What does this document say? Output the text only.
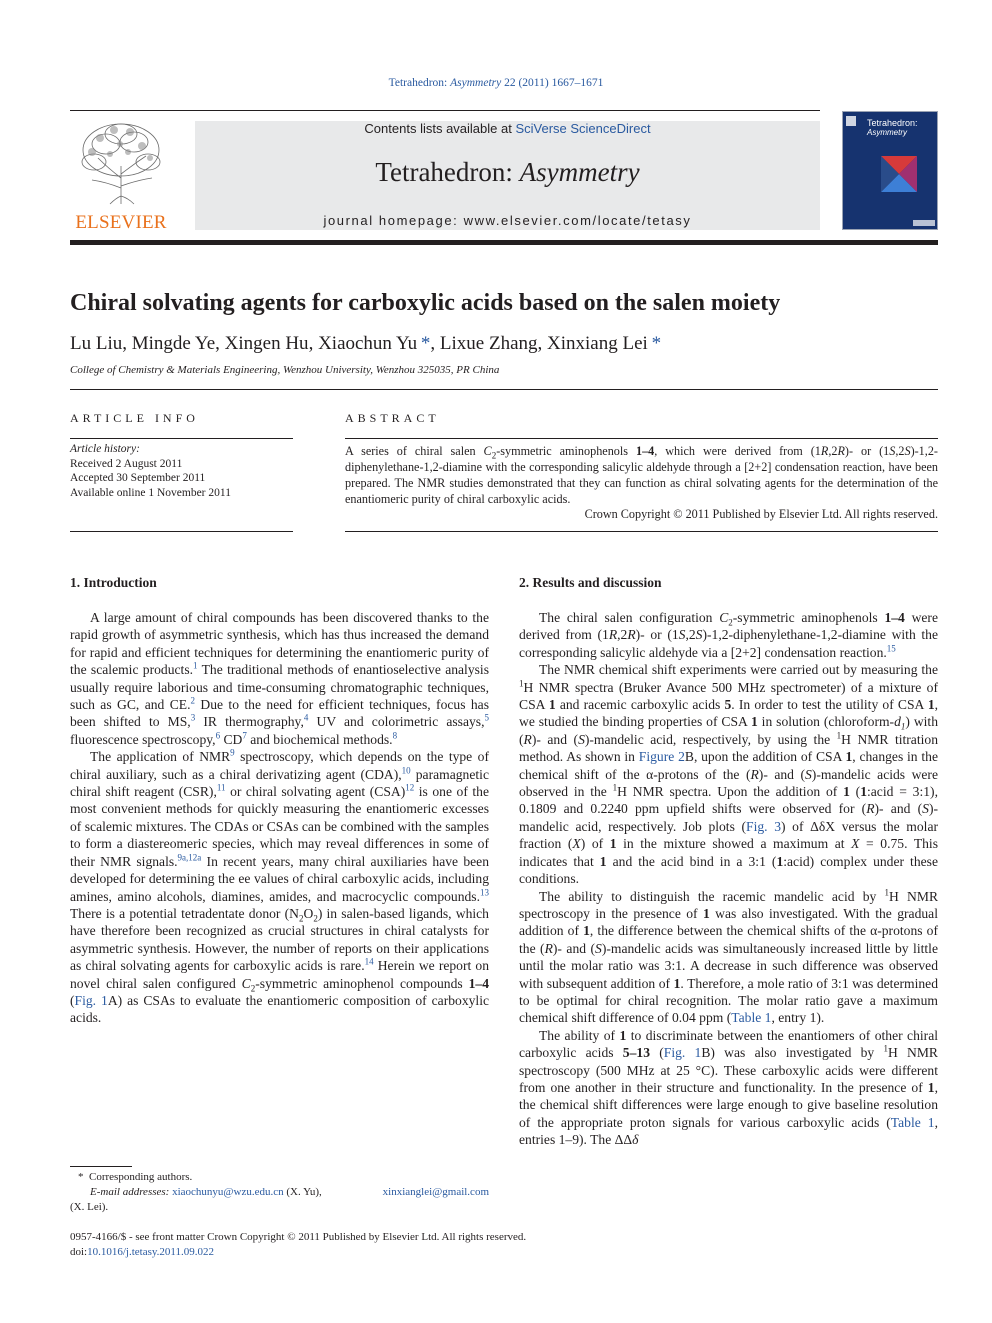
Tetrahedron: Asymmetry 22 (2011) 1667–1671
ELSEVIER
Contents lists available at SciVerse ScienceDirect
Tetrahedron: Asymmetry
journal homepage: www.elsevier.com/locate/tetasy
Tetrahedron:
Asymmetry
Chiral solvating agents for carboxylic acids based on the salen moiety
Lu Liu, Mingde Ye, Xingen Hu, Xiaochun Yu *, Lixue Zhang, Xinxiang Lei *
College of Chemistry & Materials Engineering, Wenzhou University, Wenzhou 325035, PR China
ARTICLE INFO	ABSTRACT
Article history:
Received 2 August 2011
Accepted 30 September 2011
Available online 1 November 2011
A series of chiral salen $C_2$-symmetric aminophenols 1–4, which were derived from (1R,2R)- or (1S,2S)-1,2-diphenylethane-1,2-diamine with the corresponding salicylic aldehyde through a [2+2] condensation reaction, have been prepared. The NMR studies demonstrated that they can function as chiral solvating agents for the determination of the enantiomeric purity of chiral carboxylic acids.
Crown Copyright © 2011 Published by Elsevier Ltd. All rights reserved.
1. Introduction	2. Results and discussion

A large amount of chiral compounds has been discovered thanks to the rapid growth of asymmetric synthesis, which has thus increased the demand for rapid and efficient techniques for determining the enantiomeric purity of the scalemic products.$^1$ The traditional methods of enantioselective analysis usually require laborious and time-consuming chromatographic techniques, such as GC, and CE.$^2$ Due to the need for efficient techniques, focus has been shifted to MS,$^3$ IR thermography,$^4$ UV and colorimetric assays,$^5$ fluorescence spectroscopy,$^6$ $CD^7$ and biochemical methods.$^8$

The application of NMR$^9$ spectroscopy, which depends on the type of chiral auxiliary, such as a chiral derivatizing agent (CDA),$^{10}$ paramagnetic chiral shift reagent (CSR),$^{11}$ or chiral solvating agent (CSA)$^{12}$ is one of the most convenient methods for quickly measuring the enantiomeric excesses of scalemic mixtures. The CDAs or CSAs can be combined with the samples to form a diastereomeric species, which may reveal differences in some of their NMR signals.$^{9a,12a}$ In recent years, many chiral auxiliaries have been developed for determining the ee values of chiral carboxylic acids, including amines, amino alcohols, diamines, amides, and macrocyclic compounds.$^{13}$ There is a potential tetradentate donor $(N_2O_2)$ in salen-based ligands, which have therefore been recognized as crucial structures in chiral catalysts for asymmetric synthesis. However, the number of reports on their applications as chiral solvating agents for carboxylic acids is rare.$^{14}$ Herein we report on novel chiral salen configured $C_2$-symmetric aminophenol compounds 1–4 (Fig. 1A) as CSAs to evaluate the enantiomeric composition of carboxylic acids.

The chiral salen configuration $C_2$-symmetric aminophenols 1–4 were derived from (1R,2R)- or (1S,2S)-1,2-diphenylethane-1,2-diamine with the corresponding salicylic aldehyde via a [2+2] condensation reaction.$^{15}$

The NMR chemical shift experiments were carried out by measuring the $^1$H NMR spectra (Bruker Avance 500 MHz spectrometer) of a mixture of CSA 1 and racemic carboxylic acids 5. In order to test the utility of CSA 1, we studied the binding properties of CSA 1 in solution $(chloroform-d_1)$ with (R)- and (S)-mandelic acid, respectively, by using the $^1$H NMR titration method. As shown in Figure 2B, upon the addition of CSA 1, changes in the chemical shift of the α-protons of the (R)- and (S)-mandelic acids were observed in the $^1$H NMR spectra. Upon the addition of 1 (1:acid = 3:1), 0.1809 and 0.2240 ppm upfield shifts were observed for (R)- and (S)-mandelic acid, respectively. Job plots (Fig. 3) of ΔδX versus the molar fraction (X) of 1 in the mixture showed a maximum at X = 0.75. This indicates that 1 and the acid bind in a 3:1 (1:acid) complex under these conditions.

The ability to distinguish the racemic mandelic acid by $^1$H NMR spectroscopy in the presence of 1 was also investigated. With the gradual addition of 1, the difference between the chemical shifts of the α-protons of the (R)- and (S)-mandelic acids was simultaneously increased little by little until the molar ratio was 3:1. A decrease in such difference was observed with subsequent addition of 1. Therefore, a mole ratio of 3:1 was determined to be optimal for chiral recognition. The molar ratio gave a maximum chemical shift difference of 0.04 ppm (Table 1, entry 1).

The ability of 1 to discriminate between the enantiomers of other chiral carboxylic acids 5–13 (Fig. 1B) was also investigated by $^1$H NMR spectroscopy (500 MHz at 25 °C). These carboxylic acids were different from one another in their structure and functionality. In the presence of 1, the chemical shift differences were large enough to give baseline resolution of the appropriate proton signals for various carboxylic acids (Table 1, entries 1–9). The ΔΔδ

* Corresponding authors.
E-mail addresses: xiaochunyu@wzu.edu.cn (X. Yu),	xinxianglei@gmail.com
(X. Lei).
0957-4166/$ - see front matter Crown Copyright © 2011 Published by Elsevier Ltd. All rights reserved.
doi:10.1016/j.tetasy.2011.09.022
